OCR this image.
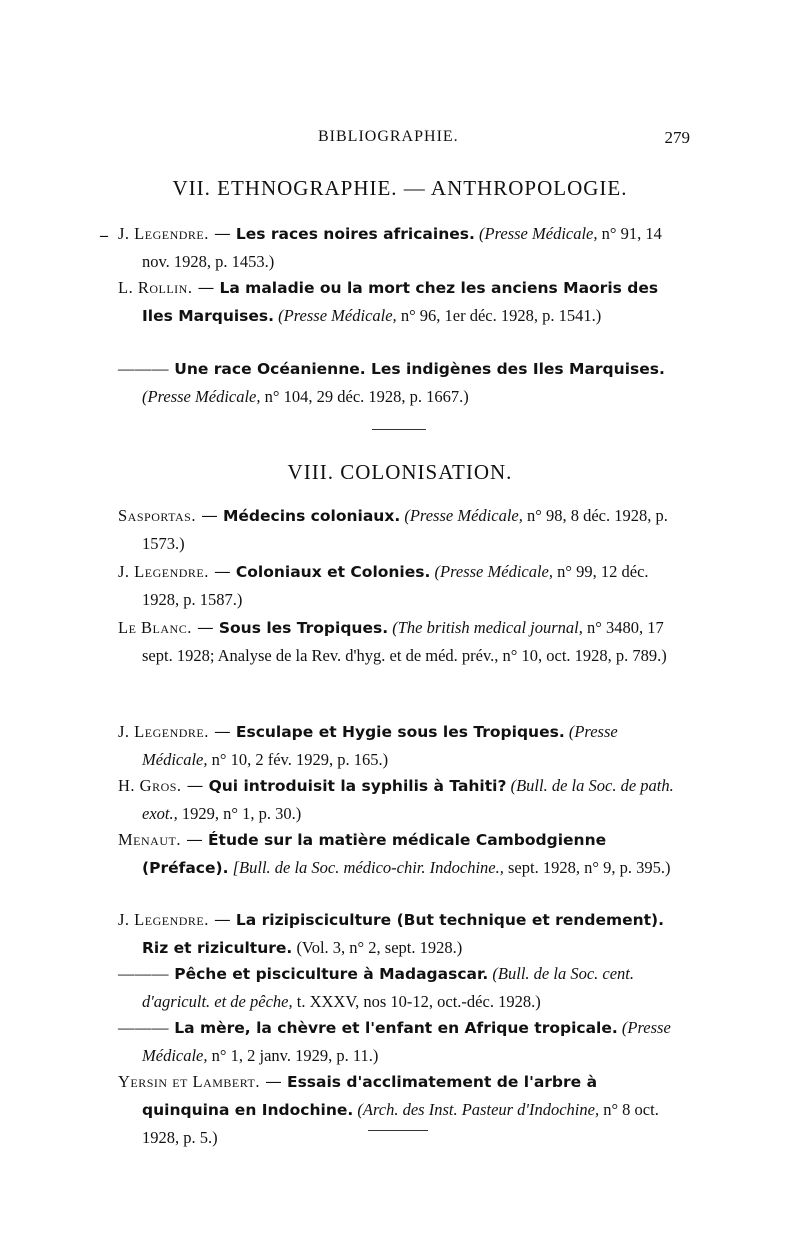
BIBLIOGRAPHIE.	279
VII. ETHNOGRAPHIE. — ANTHROPOLOGIE.
_ J. Legendre. — Les races noires africaines. (Presse Médicale, n° 91, 14 nov. 1928, p. 1453.)
L. Rollin. — La maladie ou la mort chez les anciens Maoris des Iles Marquises. (Presse Médicale, n° 96, 1er déc. 1928, p. 1541.)
——— Une race Océanienne. Les indigènes des Iles Marquises. (Presse Médicale, n° 104, 29 déc. 1928, p. 1667.)
VIII. COLONISATION.
Sasportas. — Médecins coloniaux. (Presse Médicale, n° 98, 8 déc. 1928, p. 1573.)
J. Legendre. — Coloniaux et Colonies. (Presse Médicale, n° 99, 12 déc. 1928, p. 1587.)
Le Blanc. — Sous les Tropiques. (The british medical journal, n° 3480, 17 sept. 1928; Analyse de la Rev. d'hyg. et de méd. prév., n° 10, oct. 1928, p. 789.)
J. Legendre. — Esculape et Hygie sous les Tropiques. (Presse Médicale, n° 10, 2 fév. 1929, p. 165.)
H. Gros. — Qui introduisit la syphilis à Tahiti? (Bull. de la Soc. de path. exot., 1929, n° 1, p. 30.)
Menaut. — Étude sur la matière médicale Cambodgienne (Préface). [Bull. de la Soc. médico-chir. Indochine., sept. 1928, n° 9, p. 395.)
J. Legendre. — La rizipisciculture (But technique et rendement). Riz et riziculture. (Vol. 3, n° 2, sept. 1928.)
——— Pêche et pisciculture à Madagascar. (Bull. de la Soc. cent. d'agricult. et de pêche, t. XXXV, nos 10-12, oct.-déc. 1928.)
——— La mère, la chèvre et l'enfant en Afrique tropicale. (Presse Médicale, n° 1, 2 janv. 1929, p. 11.)
Yersin et Lambert. — Essais d'acclimatement de l'arbre à quinquina en Indochine. (Arch. des Inst. Pasteur d'Indochine, n° 8 oct. 1928, p. 5.)
